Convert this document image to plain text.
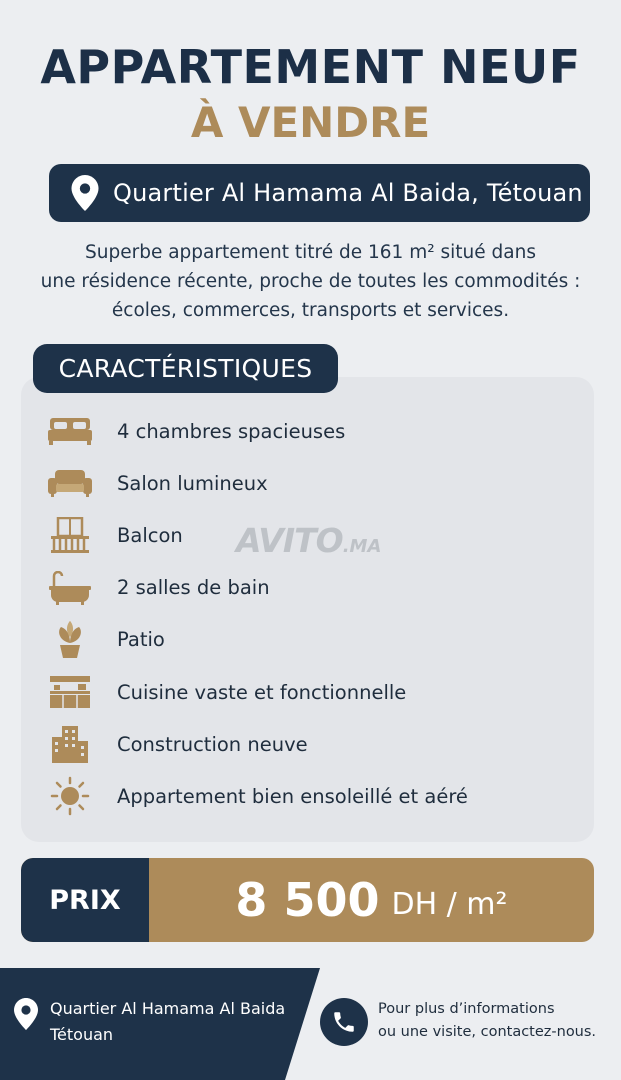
APPARTEMENT NEUF
À VENDRE
Quartier Al Hamama Al Baida, Tétouan
Superbe appartement titré de 161 m² situé dans
une résidence récente, proche de toutes les commodités :
écoles, commerces, transports et services.
CARACTÉRISTIQUES
AVITO.MA
4 chambres spacieuses
Salon lumineux
Balcon
2 salles de bain
Patio
Cuisine vaste et fonctionnelle
Construction neuve
Appartement bien ensoleillé et aéré
PRIX	8 500 DH / m²
Quartier Al Hamama Al Baida
Tétouan
Pour plus d’informations
ou une visite, contactez-nous.
